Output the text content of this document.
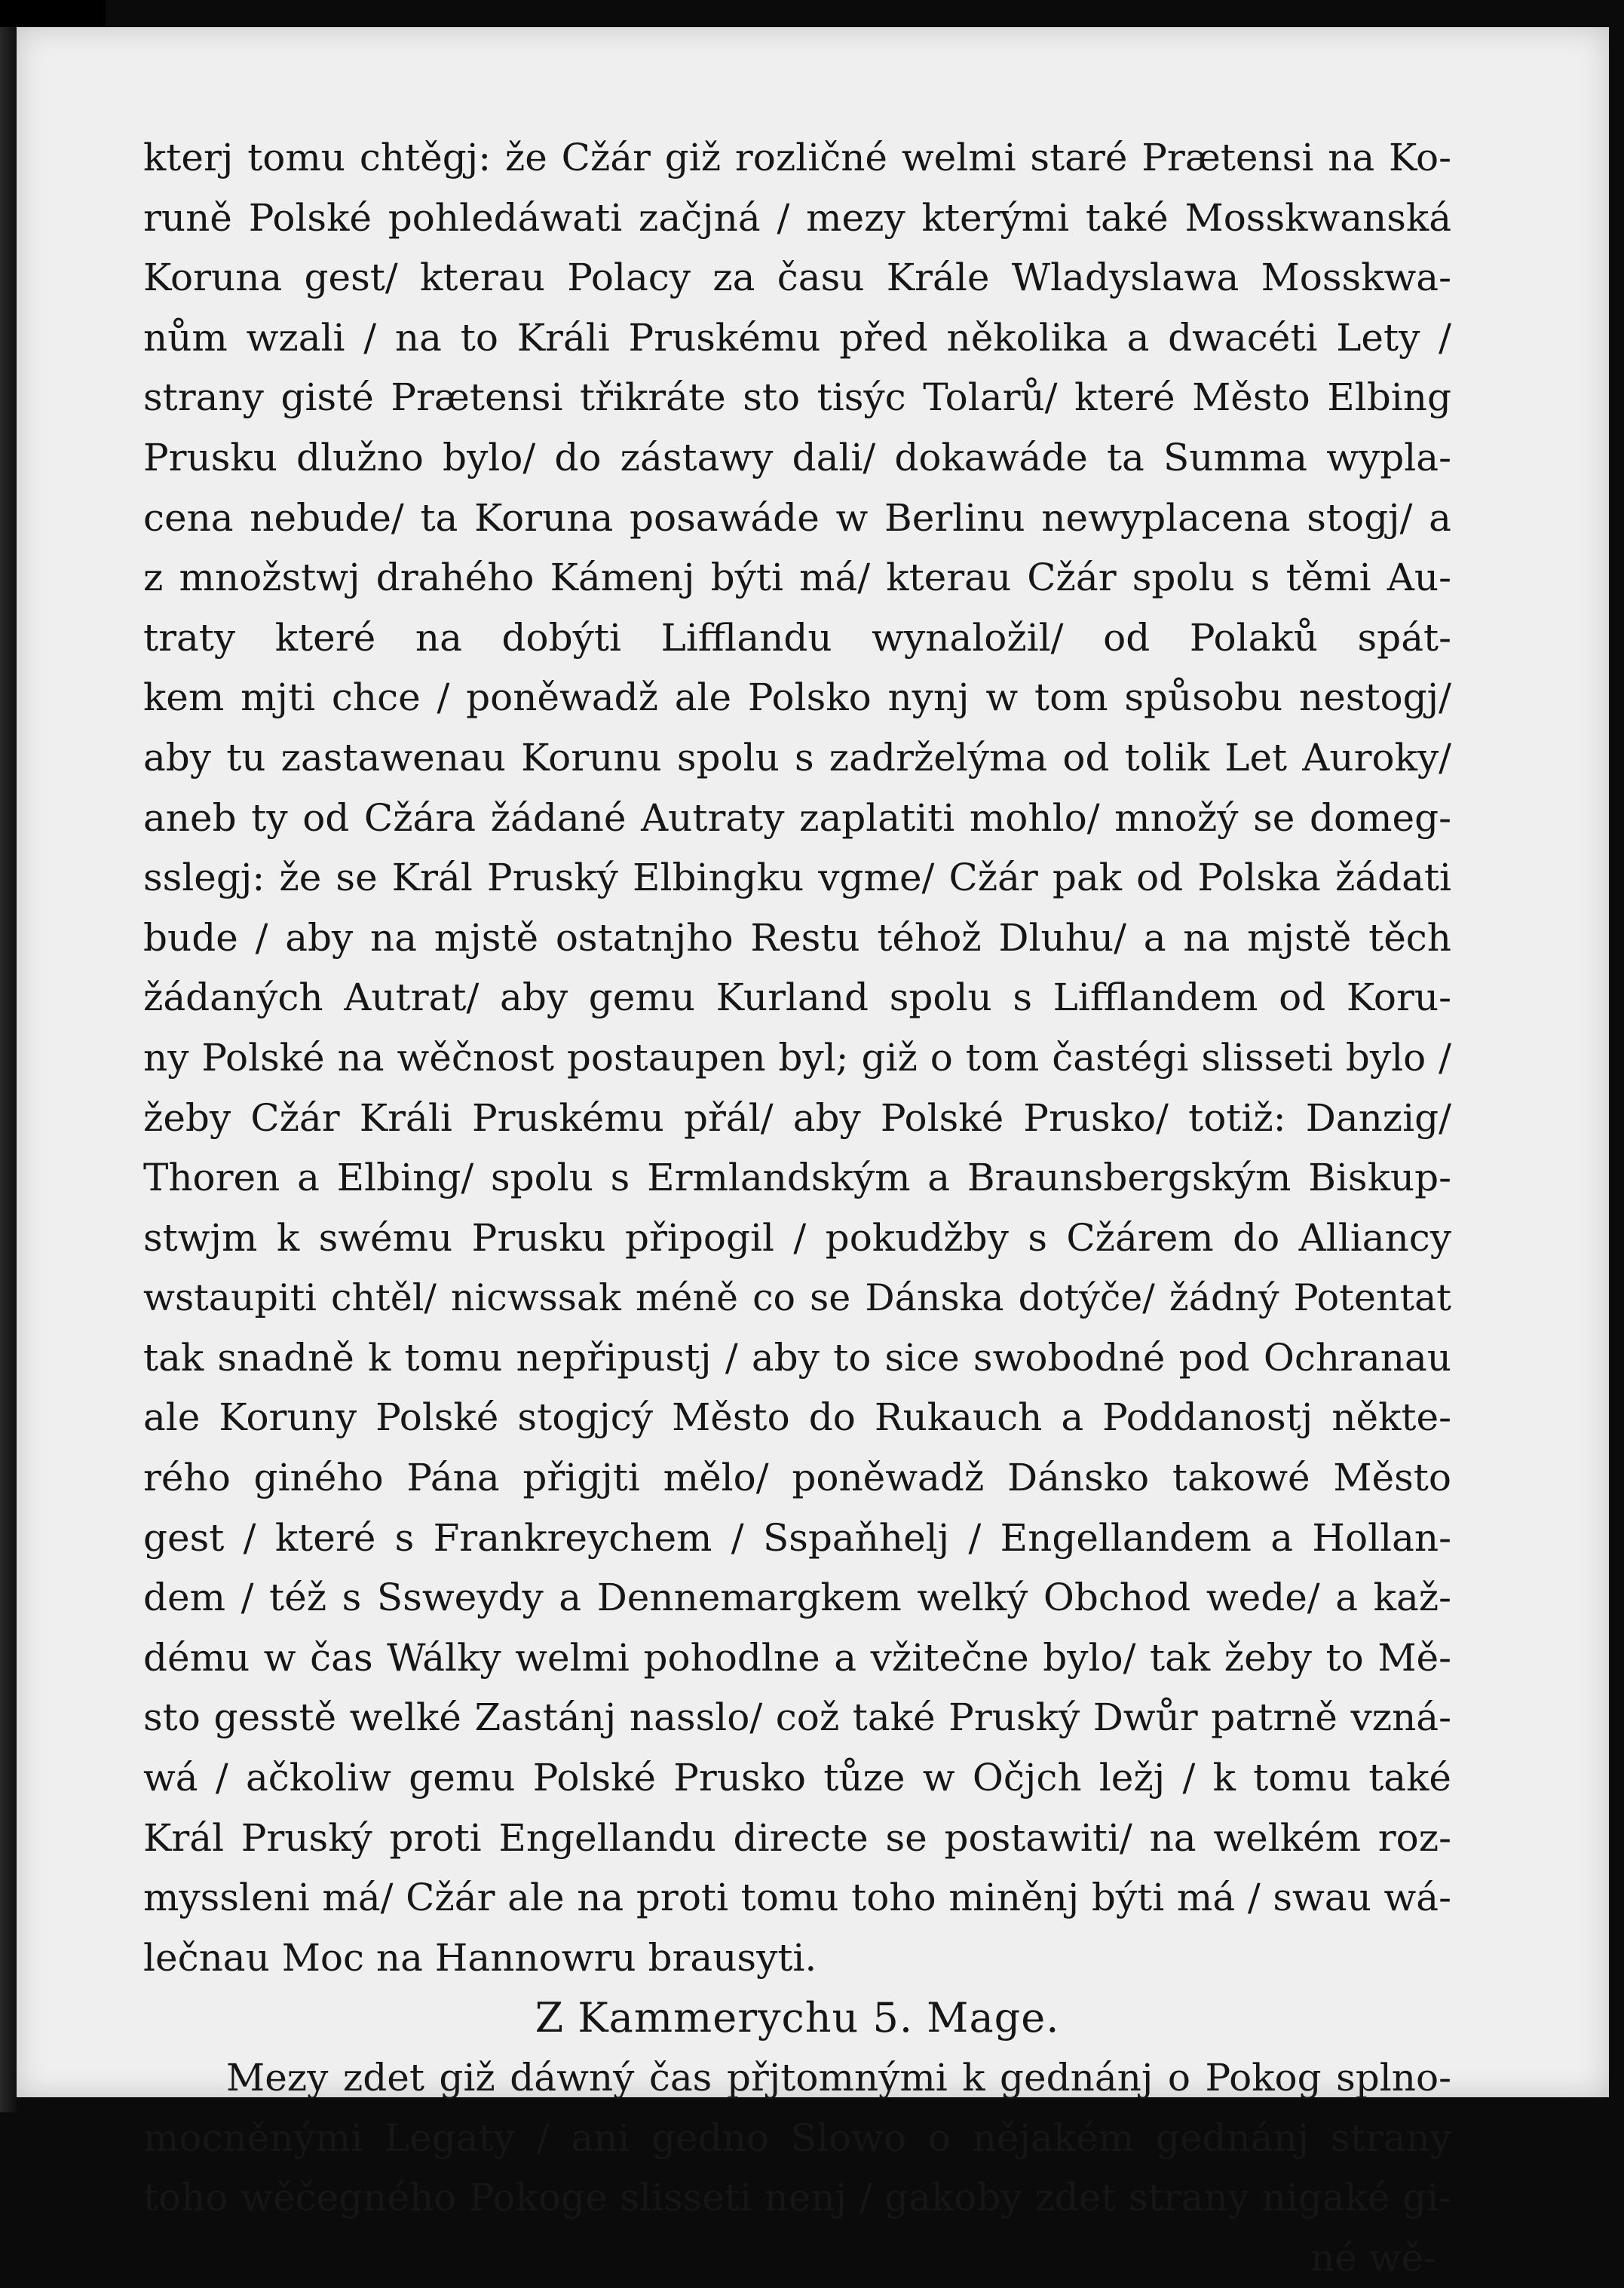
kterj tomu chtěgj: že Cžár giž rozličné welmi staré Prætensi na Ko-
runě Polské pohledáwati začjná / mezy kterými také Mosskwanská
Koruna gest/ kterau Polacy za času Krále Wladyslawa Mosskwa-
nům wzali / na to Králi Pruskému před několika a dwacéti Lety /
strany gisté Prætensi třikráte sto tisýc Tolarů/ které Město Elbing
Prusku dlužno bylo/ do zástawy dali/ dokawáde ta Summa wypla-
cena nebude/ ta Koruna posawáde w Berlinu newyplacena stogj/ a
z množstwj drahého Kámenj býti má/ kterau Cžár spolu s těmi Au-
traty které na dobýti Lifflandu wynaložil/ od Polaků spát-
kem mjti chce / poněwadž ale Polsko nynj w tom spůsobu nestogj/
aby tu zastawenau Korunu spolu s zadrželýma od tolik Let Auroky/
aneb ty od Cžára žádané Autraty zaplatiti mohlo/ množý se domeg-
sslegj: že se Král Pruský Elbingku vgme/ Cžár pak od Polska žádati
bude / aby na mjstě ostatnjho Restu téhož Dluhu/ a na mjstě těch
žádaných Autrat/ aby gemu Kurland spolu s Lifflandem od Koru-
ny Polské na wěčnost postaupen byl; giž o tom častégi slisseti bylo /
žeby Cžár Králi Pruskému přál/ aby Polské Prusko/ totiž: Danzig/
Thoren a Elbing/ spolu s Ermlandským a Braunsbergským Biskup-
stwjm k swému Prusku připogil / pokudžby s Cžárem do Alliancy
wstaupiti chtěl/ nicwssak méně co se Dánska dotýče/ žádný Potentat
tak snadně k tomu nepřipustj / aby to sice swobodné pod Ochranau
ale Koruny Polské stogjcý Město do Rukauch a Poddanostj někte-
rého giného Pána přigjti mělo/ poněwadž Dánsko takowé Město
gest / které s Frankreychem / Sspaňhelj / Engellandem a Hollan-
dem / též s Sswеydy a Dennemargkem welký Obchod wede/ a kaž-
dému w čas Wálky welmi pohodlne a vžitečne bylo/ tak žeby to Mě-
sto gesstě welké Zastánj nasslo/ což také Pruský Dwůr patrně vzná-
wá / ačkoliw gemu Polské Prusko tůze w Očjch ležj / k tomu také
Král Pruský proti Engellandu directe se postawiti/ na welkém roz-
myssleni má/ Cžár ale na proti tomu toho miněnj býti má / swau wá-
lečnau Moc na Hannowru brausyti.
Z Kammerychu 5. Mage.
Mezy zdet giž dáwný čas přjtomnými k gednánj o Pokog splno-
mocněnými Legaty / ani gedno Slowo o nějakém gednánj strany
toho wěčegného Pokoge slisseti nenj / gakoby zdet strany nigaké gi-
né wě-
